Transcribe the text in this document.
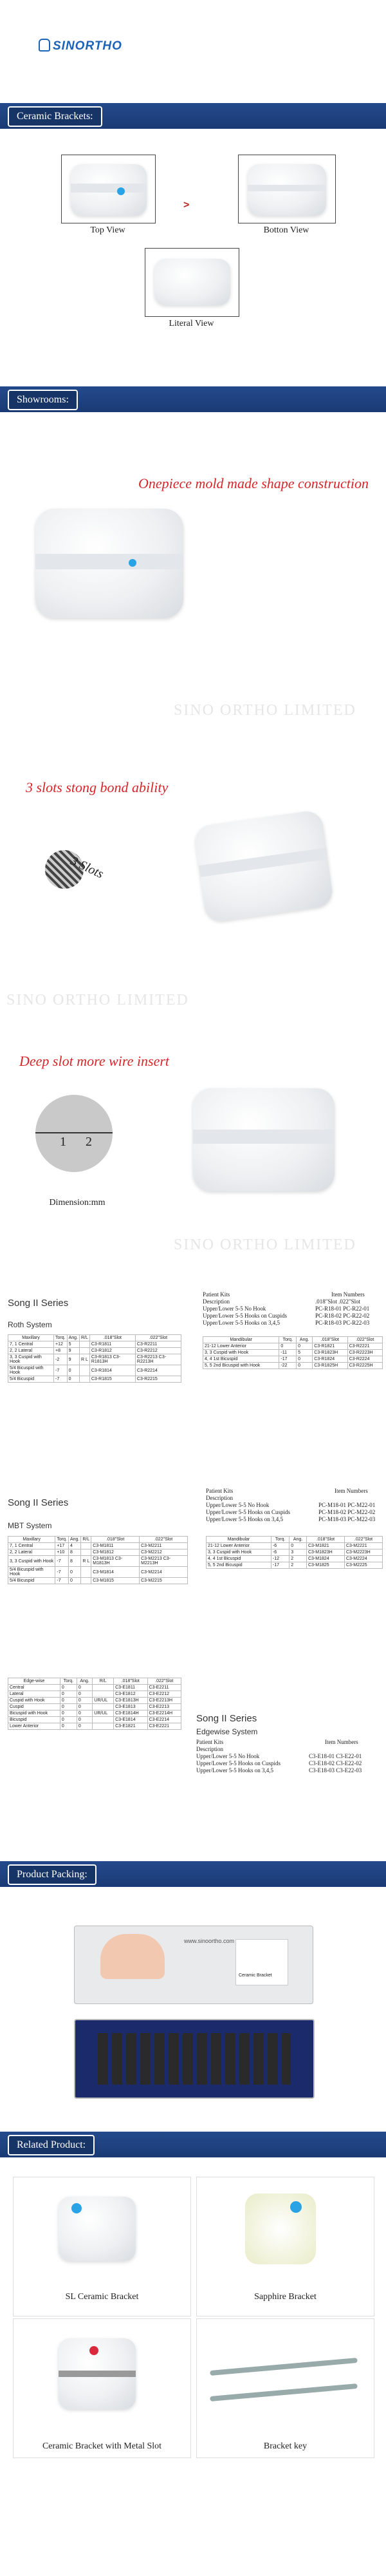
SINORTHO
Ceramic Brackets:
Top View
>
Botton View
Literal View
Showrooms:
Onepiece mold made shape construction
SINO ORTHO LIMITED
3 slots stong bond ability
3 Slots
SINO ORTHO LIMITED
Deep slot more wire insert
1 2
Dimension:mm
SINO ORTHO LIMITED
Song II Series
Roth System
Maxillary	Torq.	Ang.	R/L	.018"Slot	.022"Slot
7, 1 Central	+12	5		C3-R1811	C3-R2211
2, 2 Lateral	+8	9		C3-R1812	C3-R2212
3, 3 Cuspid with Hook	-2	9	R L	C3-R1813 C3-R1813H	C3-R2213 C3-R2213H
5/4 Bicuspid with Hook	-7	0		C3-R1814	C3-R2214
5/4 Bicuspid	-7	0		C3-R1815	C3-R2215
Patient Kits
Description
Item Numbers
.018"Slot .022"Slot
Upper/Lower 5-5 No Hook	PC-R18-01 PC-R22-01
Upper/Lower 5-5 Hooks on Cuspids	PC-R18-02 PC-R22-02
Upper/Lower 5-5 Hooks on 3,4,5	PC-R18-03 PC-R22-03
Mandibular	Torq.	Ang.	.018"Slot	.022"Slot
21-12 Lower Anterior	0	0	C3-R1821	C3-R2221
3, 3 Cuspid with Hook	-11	5	C3-R1823H	C3-R2223H
4, 4 1st Bicuspid	-17	0	C3-R1824	C3-R2224
5, 5 2nd Bicuspid with Hook	-22	0	C3-R1825H	C3-R2225H
Song II Series
MBT System
Maxillary	Torq.	Ang.	R/L	.018"Slot	.022"Slot
7, 1 Central	+17	4		C3-M1811	C3-M2211
2, 2 Lateral	+10	8		C3-M1812	C3-M2212
3, 3 Cuspid with Hook	-7	8	R L	C3-M1813 C3-M1813H	C3-M2213 C3-M2213H
5/4 Bicuspid with Hook	-7	0		C3-M1814	C3-M2214
5/4 Bicuspid	-7	0		C3-M1815	C3-M2215
Patient Kits
Description
Item Numbers
Upper/Lower 5-5 No Hook	PC-M18-01 PC-M22-01
Upper/Lower 5-5 Hooks on Cuspids	PC-M18-02 PC-M22-02
Upper/Lower 5-5 Hooks on 3,4,5	PC-M18-03 PC-M22-03
Mandibular	Torq.	Ang.	.018"Slot	.022"Slot
21-12 Lower Anterior	-6	0	C3-M1821	C3-M2221
3, 3 Cuspid with Hook	-6	3	C3-M1823H	C3-M2223H
4, 4 1st Bicuspid	-12	2	C3-M1824	C3-M2224
5, 5 2nd Bicuspid	-17	2	C3-M1825	C3-M2225
Edge-wise	Torq.	Ang.	R/L	.018"Slot	.022"Slot
Central	0	0		C3-E1811	C3-E2211
Lateral	0	0		C3-E1812	C3-E2212
Cuspid with Hook	0	0	UR/UL	C3-E1813H	C3-E2213H
Cuspid	0	0		C3-E1813	C3-E2213
Bicuspid with Hook	0	0	UR/UL	C3-E1814H	C3-E2214H
Bicuspid	0	0		C3-E1814	C3-E2214
Lower Anterior	0	0		C3-E1821	C3-E2221
Song II Series
Edgewise System
Patient Kits
Description
Item Numbers
Upper/Lower 5-5 No Hook	C3-E18-01 C3-E22-01
Upper/Lower 5-5 Hooks on Cuspids	C3-E18-02 C3-E22-02
Upper/Lower 5-5 Hooks on 3,4,5	C3-E18-03 C3-E22-03
Product Packing:
www.sinoortho.com
Ceramic Bracket
Related Product:
SL Ceramic Bracket	Sapphire Bracket
Ceramic Bracket with Metal Slot	Bracket key
